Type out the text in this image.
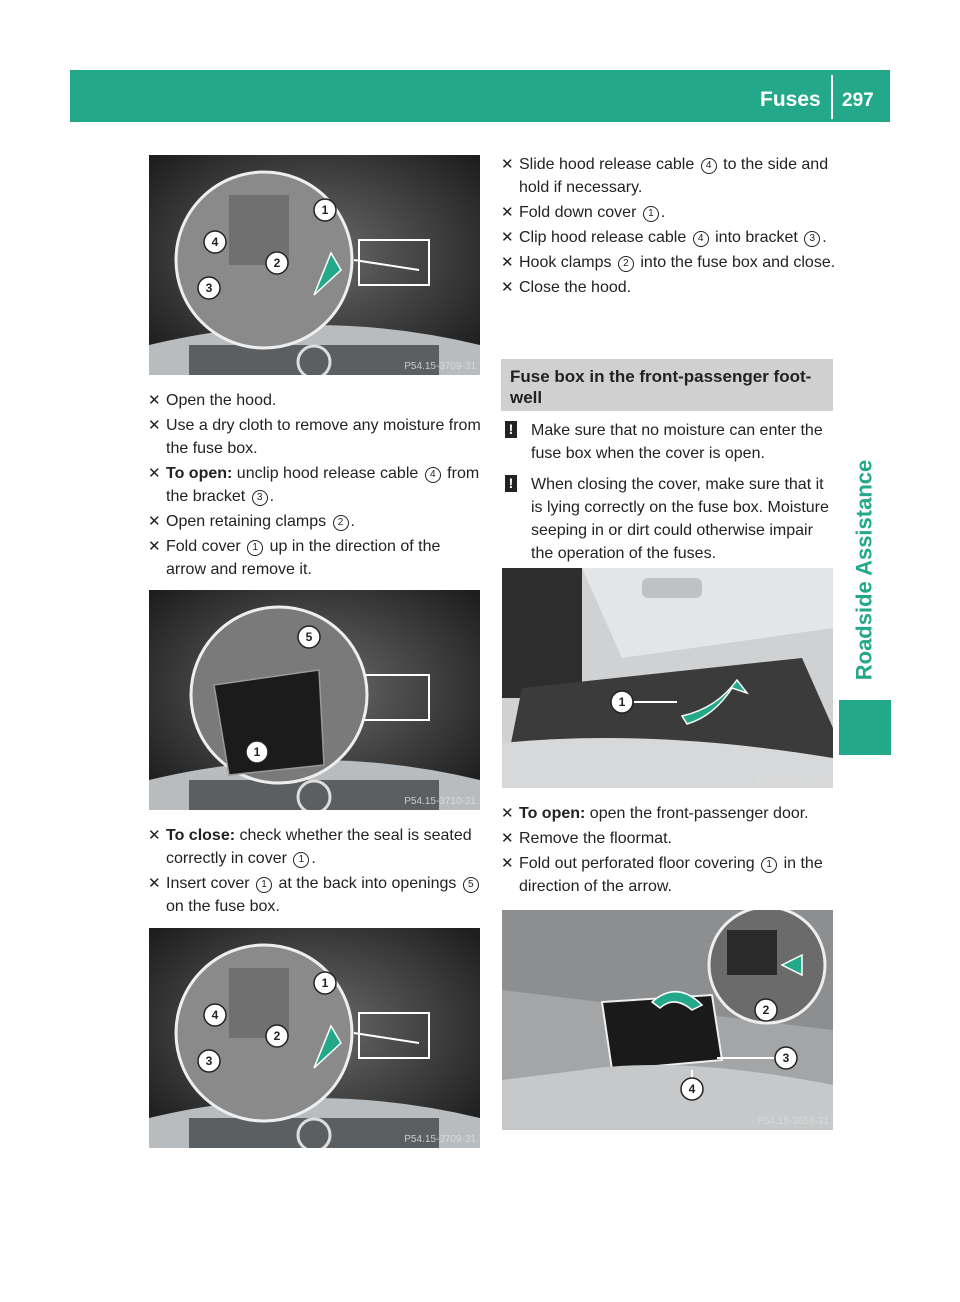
Fuses 297
Roadside Assistance
1
2
3
4
P54.15-3709-31
✕ Open the hood.
✕ Use a dry cloth to remove any moisture from the fuse box.
✕ To open: unclip hood release cable 4 from the bracket 3 .
✕ Open retaining clamps 2 .
✕ Fold cover 1 up in the direction of the arrow and remove it.
5
1
P54.15-3710-31
✕ To close: check whether the seal is seated correctly in cover 1 .
✕ Insert cover 1 at the back into openings 5 on the fuse box.
1
2
3
4
P54.15-3709-31
✕ Slide hood release cable 4 to the side and hold if necessary.
✕ Fold down cover 1 .
✕ Clip hood release cable 4 into bracket 3 .
✕ Hook clamps 2 into the fuse box and close.
✕ Close the hood.
Fuse box in the front-passenger foot-well
! Make sure that no moisture can enter the fuse box when the cover is open.
! When closing the cover, make sure that it is lying correctly on the fuse box. Moisture seeping in or dirt could otherwise impair the operation of the fuses.
1
P54.15-3657-31
✕ To open: open the front-passenger door.
✕ Remove the floormat.
✕ Fold out perforated floor covering 1 in the direction of the arrow.
2
3
4
P54.15-3658-31
